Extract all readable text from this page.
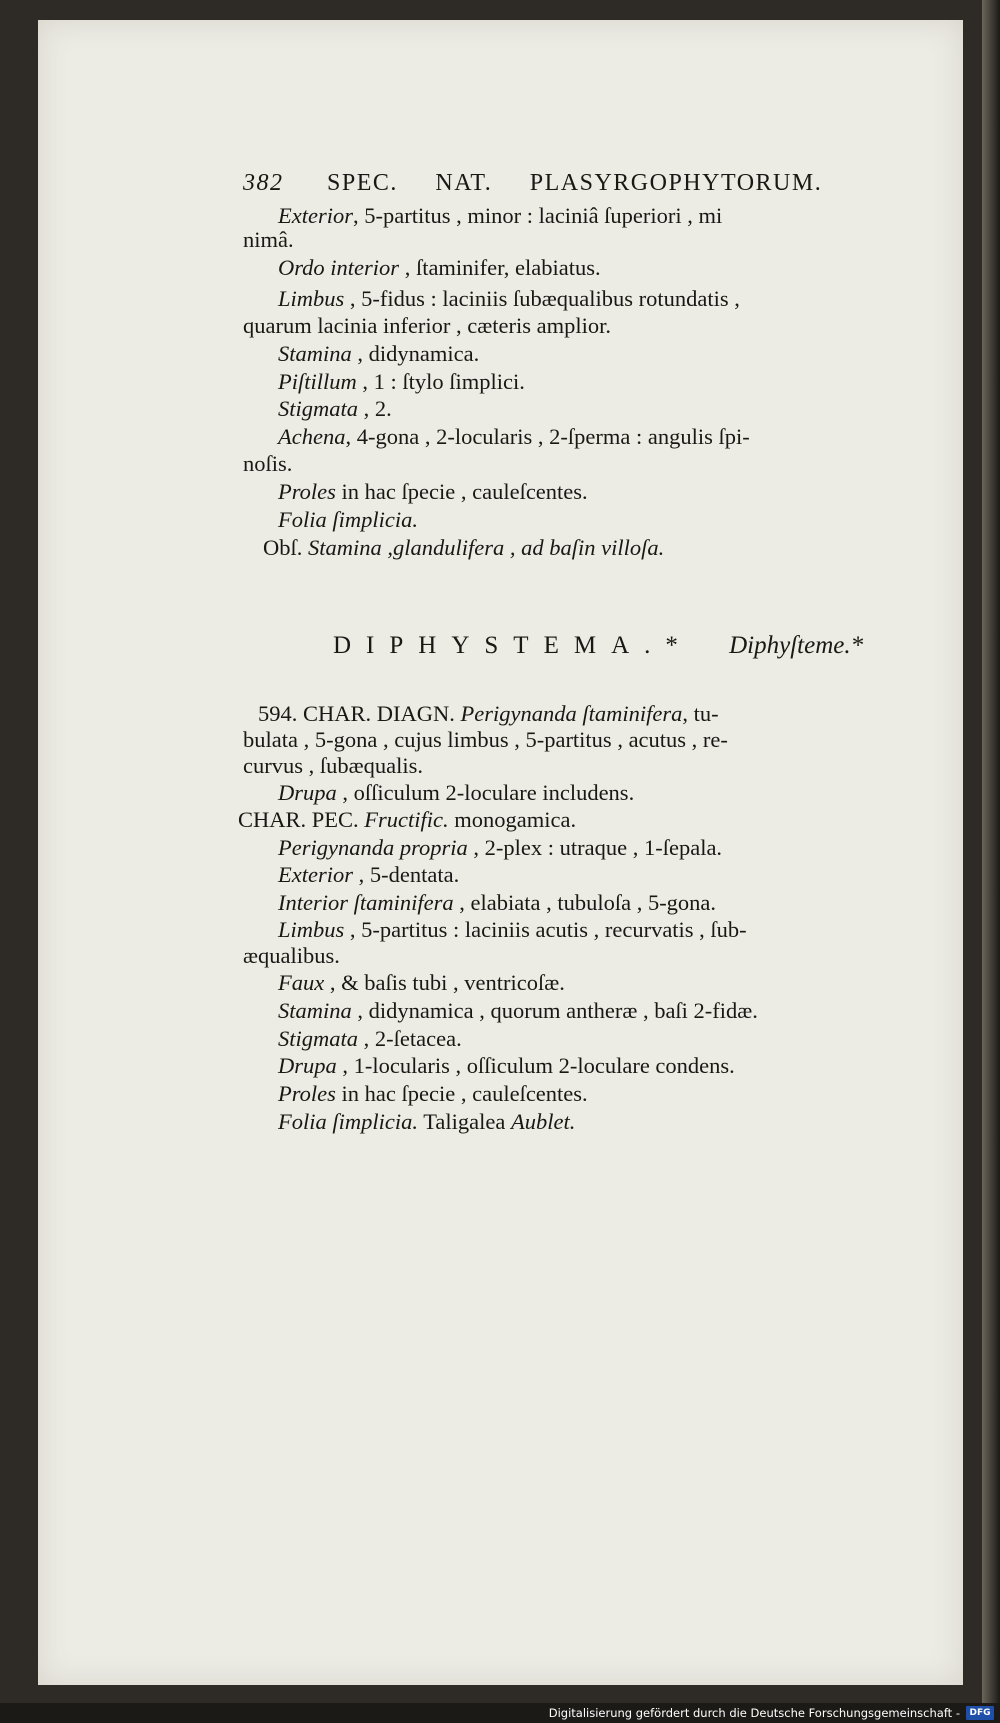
382 SPEC. NAT. PLASYRGOPHYTORUM.
Exterior, 5-partitus , minor : laciniâ ſuperiori , mi
nimâ.
Ordo interior , ſtaminifer, elabiatus.
Limbus , 5-fidus : laciniis ſubæqualibus rotundatis ,
quarum lacinia inferior , cæteris amplior.
Stamina , didynamica.
Piſtillum , 1 : ſtylo ſimplici.
Stigmata , 2.
Achena, 4-gona , 2-locularis , 2-ſperma : angulis ſpi-
noſis.
Proles in hac ſpecie , cauleſcentes.
Folia ſimplicia.
Obſ. Stamina ,glandulifera , ad baſin villoſa.
DIPHYSTEMA.* Diphyſteme.*
594. CHAR. DIAGN. Perigynanda ſtaminifera, tu-
bulata , 5-gona , cujus limbus , 5-partitus , acutus , re-
curvus , ſubæqualis.
Drupa , oſſiculum 2-loculare includens.
CHAR. PEC. Fructific. monogamica.
Perigynanda propria , 2-plex : utraque , 1-ſepala.
Exterior , 5-dentata.
Interior ſtaminifera , elabiata , tubuloſa , 5-gona.
Limbus , 5-partitus : laciniis acutis , recurvatis , ſub-
æqualibus.
Faux , & baſis tubi , ventricoſæ.
Stamina , didynamica , quorum antheræ , baſi 2-fidæ.
Stigmata , 2-ſetacea.
Drupa , 1-locularis , oſſiculum 2-loculare condens.
Proles in hac ſpecie , cauleſcentes.
Folia ſimplicia. Taligalea Aublet.
Digitalisierung gefördert durch die Deutsche Forschungsgemeinschaft -	DFG
